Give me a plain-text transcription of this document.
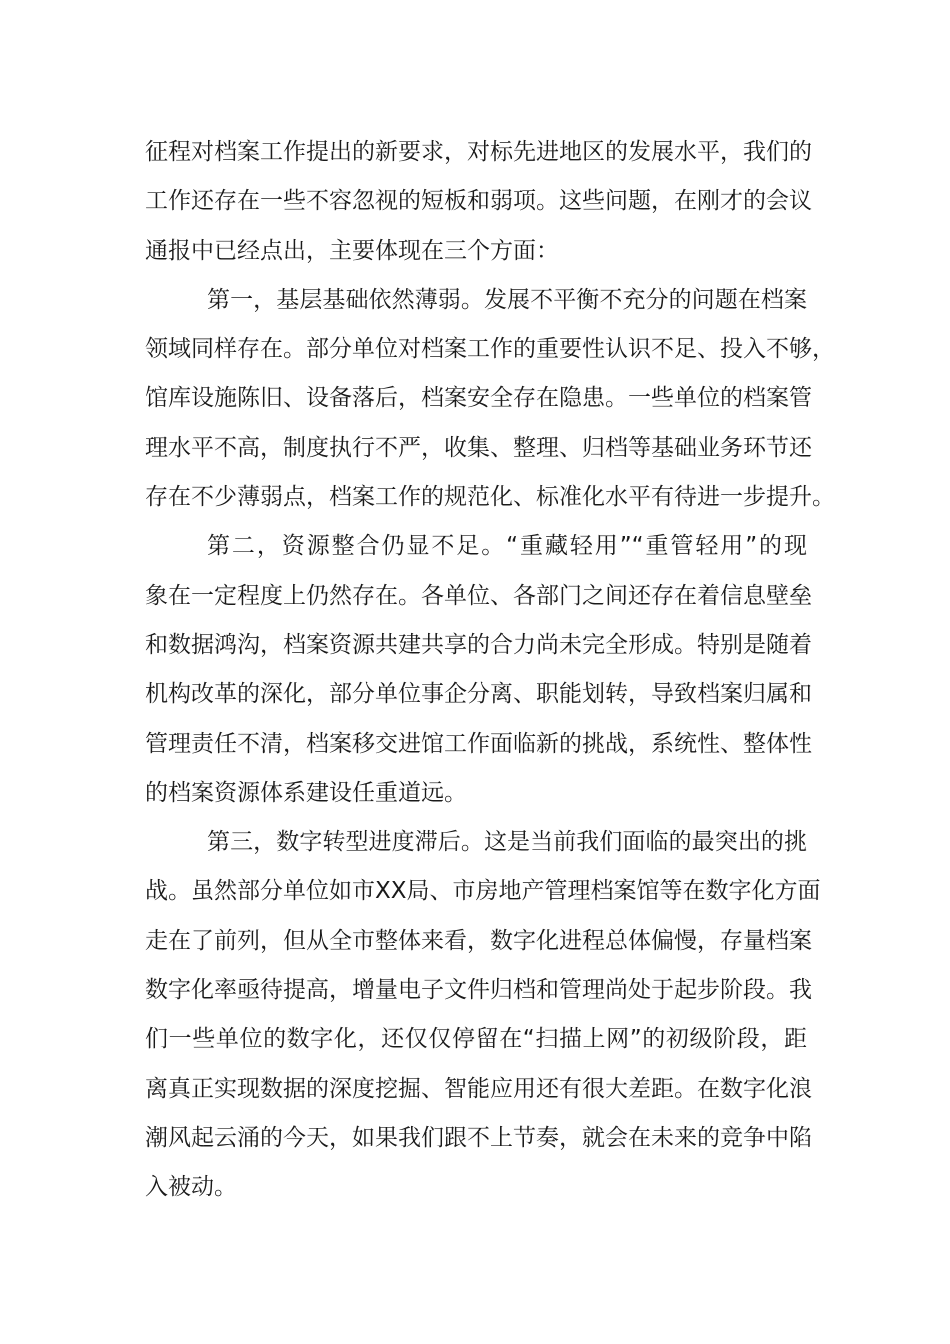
征程对档案工作提出的新要求，对标先进地区的发展水平，我们的
工作还存在一些不容忽视的短板和弱项。这些问题，在刚才的会议
通报中已经点出，主要体现在三个方面：
第一，基层基础依然薄弱。发展不平衡不充分的问题在档案
领域同样存在。部分单位对档案工作的重要性认识不足、投入不够，
馆库设施陈旧、设备落后，档案安全存在隐患。一些单位的档案管
理水平不高，制度执行不严，收集、整理、归档等基础业务环节还
存在不少薄弱点，档案工作的规范化、标准化水平有待进一步提升。
第二，资源整合仍显不足。“重藏轻用”“重管轻用”的现
象在一定程度上仍然存在。各单位、各部门之间还存在着信息壁垒
和数据鸿沟，档案资源共建共享的合力尚未完全形成。特别是随着
机构改革的深化，部分单位事企分离、职能划转，导致档案归属和
管理责任不清，档案移交进馆工作面临新的挑战，系统性、整体性
的档案资源体系建设任重道远。
第三，数字转型进度滞后。这是当前我们面临的最突出的挑
战。虽然部分单位如市XX局、市房地产管理档案馆等在数字化方面
走在了前列，但从全市整体来看，数字化进程总体偏慢，存量档案
数字化率亟待提高，增量电子文件归档和管理尚处于起步阶段。我
们一些单位的数字化，还仅仅停留在“扫描上网”的初级阶段，距
离真正实现数据的深度挖掘、智能应用还有很大差距。在数字化浪
潮风起云涌的今天，如果我们跟不上节奏，就会在未来的竞争中陷
入被动。
